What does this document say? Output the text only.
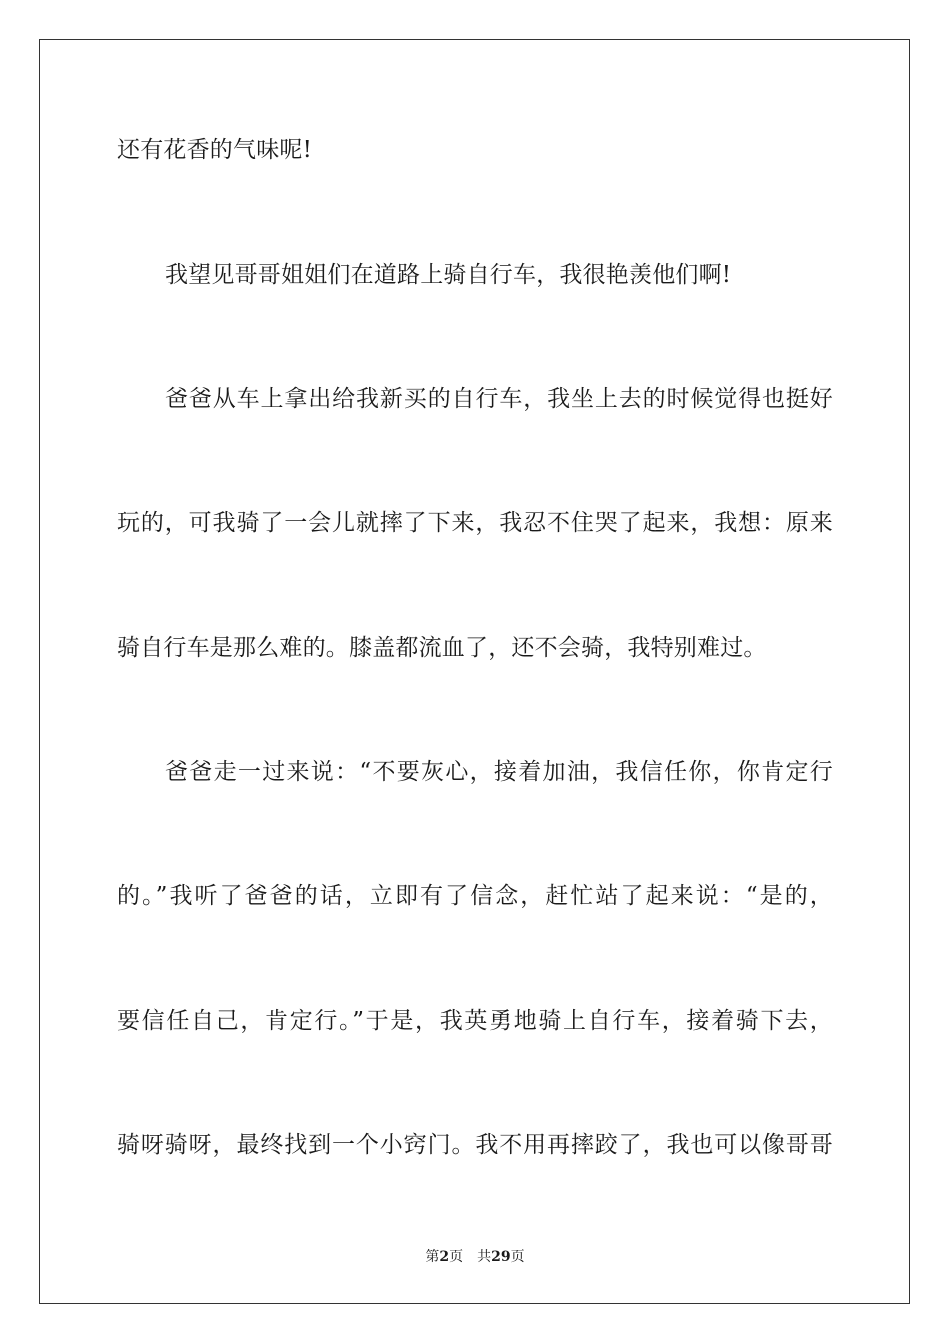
还有花香的气味呢!
我望见哥哥姐姐们在道路上骑自行车，我很艳羡他们啊!
爸爸从车上拿出给我新买的自行车，我坐上去的时候觉得也挺好
玩的，可我骑了一会儿就摔了下来，我忍不住哭了起来，我想：原来
骑自行车是那么难的。膝盖都流血了，还不会骑，我特别难过。
爸爸走一过来说：“不要灰心，接着加油，我信任你，你肯定行
的。”我听了爸爸的话，立即有了信念，赶忙站了起来说：“是的，
要信任自己，肯定行。”于是，我英勇地骑上自行车，接着骑下去，
骑呀骑呀，最终找到一个小窍门。我不用再摔跤了，我也可以像哥哥
第2页 共29页
